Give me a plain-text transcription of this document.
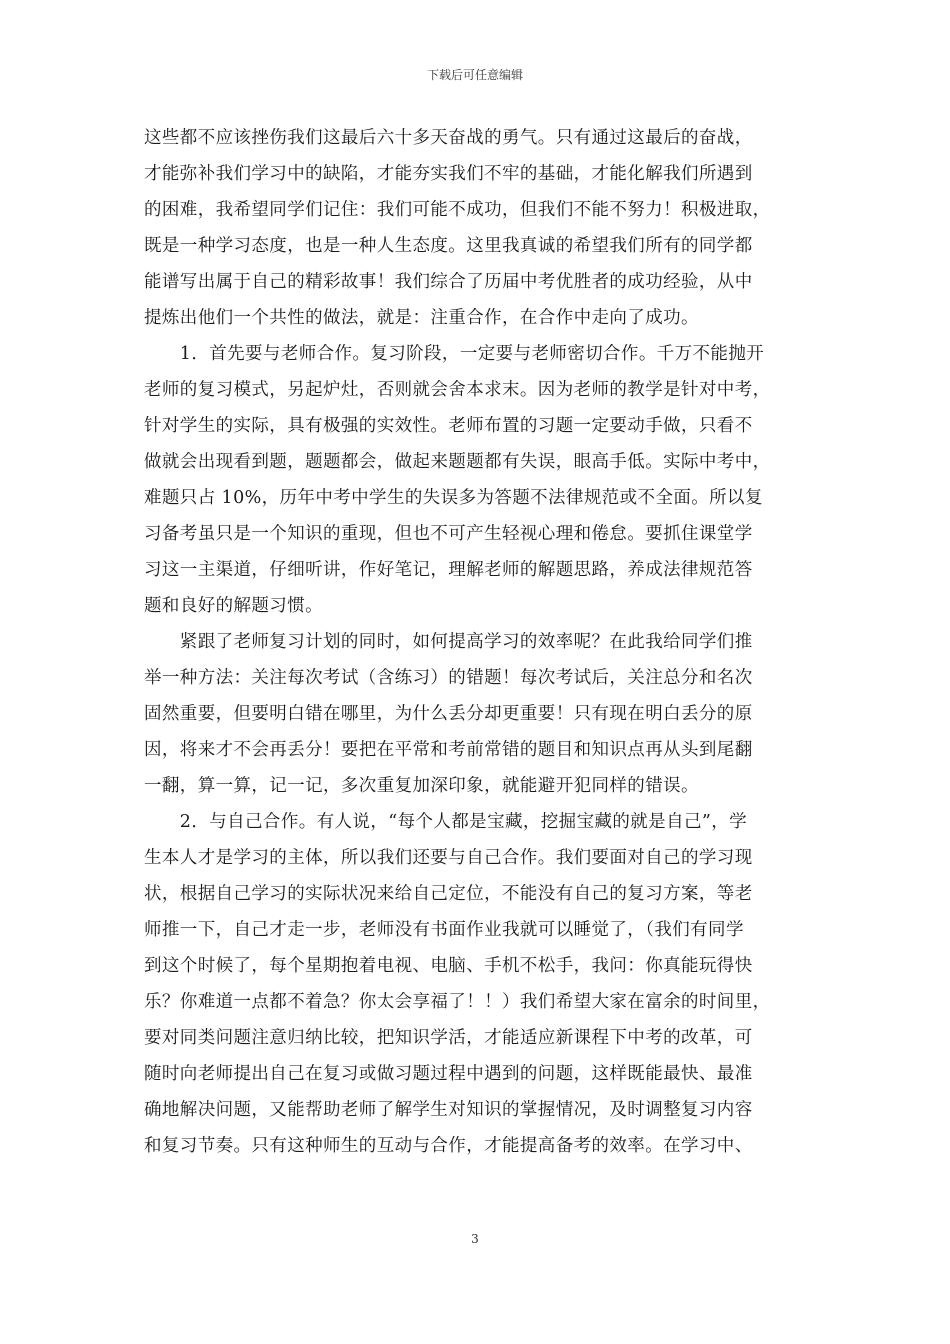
下载后可任意编辑
这些都不应该挫伤我们这最后六十多天奋战的勇气。只有通过这最后的奋战，
才能弥补我们学习中的缺陷，才能夯实我们不牢的基础，才能化解我们所遇到
的困难，我希望同学们记住：我们可能不成功，但我们不能不努力！积极进取，
既是一种学习态度，也是一种人生态度。这里我真诚的希望我们所有的同学都
能谱写出属于自己的精彩故事！我们综合了历届中考优胜者的成功经验，从中
提炼出他们一个共性的做法，就是：注重合作，在合作中走向了成功。
　　1．首先要与老师合作。复习阶段，一定要与老师密切合作。千万不能抛开
老师的复习模式，另起炉灶，否则就会舍本求末。因为老师的教学是针对中考，
针对学生的实际，具有极强的实效性。老师布置的习题一定要动手做，只看不
做就会出现看到题，题题都会，做起来题题都有失误，眼高手低。实际中考中，
难题只占 10%，历年中考中学生的失误多为答题不法律规范或不全面。所以复
习备考虽只是一个知识的重现，但也不可产生轻视心理和倦怠。要抓住课堂学
习这一主渠道，仔细听讲，作好笔记，理解老师的解题思路，养成法律规范答
题和良好的解题习惯。
　　紧跟了老师复习计划的同时，如何提高学习的效率呢？在此我给同学们推
举一种方法：关注每次考试（含练习）的错题！每次考试后，关注总分和名次
固然重要，但要明白错在哪里，为什么丢分却更重要！只有现在明白丢分的原
因，将来才不会再丢分！要把在平常和考前常错的题目和知识点再从头到尾翻
一翻，算一算，记一记，多次重复加深印象，就能避开犯同样的错误。
　　2．与自己合作。有人说，“每个人都是宝藏，挖掘宝藏的就是自己”，学
生本人才是学习的主体，所以我们还要与自己合作。我们要面对自己的学习现
状，根据自己学习的实际状况来给自己定位，不能没有自己的复习方案，等老
师推一下，自己才走一步，老师没有书面作业我就可以睡觉了，（我们有同学
到这个时候了，每个星期抱着电视、电脑、手机不松手，我问：你真能玩得快
乐？你难道一点都不着急？你太会享福了！！）我们希望大家在富余的时间里，
要对同类问题注意归纳比较，把知识学活，才能适应新课程下中考的改革，可
随时向老师提出自己在复习或做习题过程中遇到的问题，这样既能最快、最准
确地解决问题，又能帮助老师了解学生对知识的掌握情况，及时调整复习内容
和复习节奏。只有这种师生的互动与合作，才能提高备考的效率。在学习中、
3
